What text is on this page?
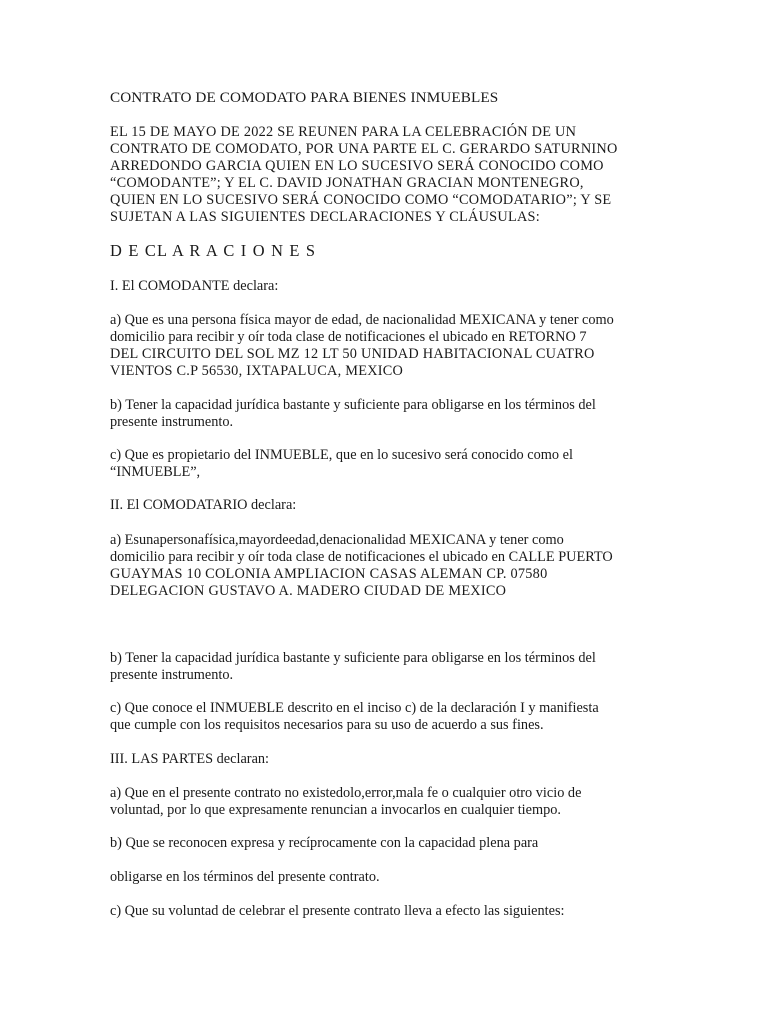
CONTRATO DE COMODATO PARA BIENES INMUEBLES
EL 15 DE MAYO DE 2022 SE REUNEN PARA LA CELEBRACIÓN DE UN
CONTRATO DE COMODATO, POR UNA PARTE EL C. GERARDO SATURNINO
ARREDONDO GARCIA QUIEN EN LO SUCESIVO SERÁ CONOCIDO COMO
“COMODANTE”; Y EL C. DAVID JONATHAN GRACIAN MONTENEGRO,
QUIEN EN LO SUCESIVO SERÁ CONOCIDO COMO “COMODATARIO”; Y SE
SUJETAN A LAS SIGUIENTES DECLARACIONES Y CLÁUSULAS:
D E CL A R A C I O N E S
I. El COMODANTE declara:
a) Que es una persona física mayor de edad, de nacionalidad MEXICANA y tener como
domicilio para recibir y oír toda clase de notificaciones el ubicado en RETORNO 7
DEL CIRCUITO DEL SOL MZ 12 LT 50 UNIDAD HABITACIONAL CUATRO
VIENTOS C.P 56530, IXTAPALUCA, MEXICO
b) Tener la capacidad jurídica bastante y suficiente para obligarse en los términos del
presente instrumento.
c) Que es propietario del INMUEBLE, que en lo sucesivo será conocido como el
“INMUEBLE”,
II. El COMODATARIO declara:
a) Esunapersonafísica,mayordeedad,denacionalidad MEXICANA y tener como
domicilio para recibir y oír toda clase de notificaciones el ubicado en CALLE PUERTO
GUAYMAS 10 COLONIA AMPLIACION CASAS ALEMAN CP. 07580
DELEGACION GUSTAVO A. MADERO CIUDAD DE MEXICO
b) Tener la capacidad jurídica bastante y suficiente para obligarse en los términos del
presente instrumento.
c) Que conoce el INMUEBLE descrito en el inciso c) de la declaración I y manifiesta
que cumple con los requisitos necesarios para su uso de acuerdo a sus fines.
III. LAS PARTES declaran:
a) Que en el presente contrato no existedolo,error,mala fe o cualquier otro vicio de
voluntad, por lo que expresamente renuncian a invocarlos en cualquier tiempo.
b) Que se reconocen expresa y recíprocamente con la capacidad plena para
obligarse en los términos del presente contrato.
c) Que su voluntad de celebrar el presente contrato lleva a efecto las siguientes:
